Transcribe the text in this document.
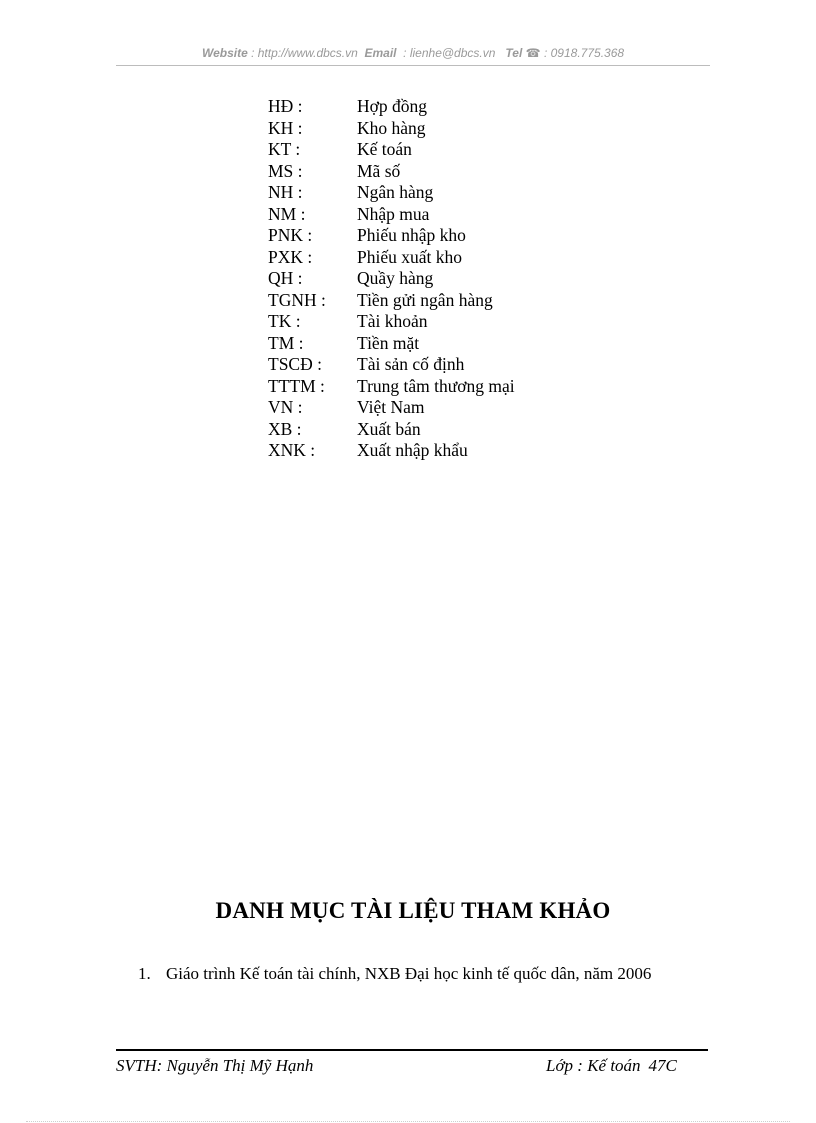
Website : http://www.dbcs.vn Email : lienhe@dbcs.vn Tel ☎ : 0918.775.368
HĐ :	Hợp đồng
KH :	Kho hàng
KT :	Kế toán
MS :	Mã số
NH :	Ngân hàng
NM :	Nhập mua
PNK :	Phiếu nhập kho
PXK :	Phiếu xuất kho
QH :	Quầy hàng
TGNH : Tiền gửi ngân hàng
TK :	Tài khoản
TM :	Tiền mặt
TSCĐ : Tài sản cố định
TTTM : Trung tâm thương mại
VN :	Việt Nam
XB :	Xuất bán
XNK : Xuất nhập khẩu
DANH MỤC TÀI LIỆU THAM KHẢO
1. Giáo trình Kế toán tài chính, NXB Đại học kinh tế quốc dân, năm 2006
SVTH: Nguyễn Thị Mỹ Hạnh	Lớp : Kế toán 47C
